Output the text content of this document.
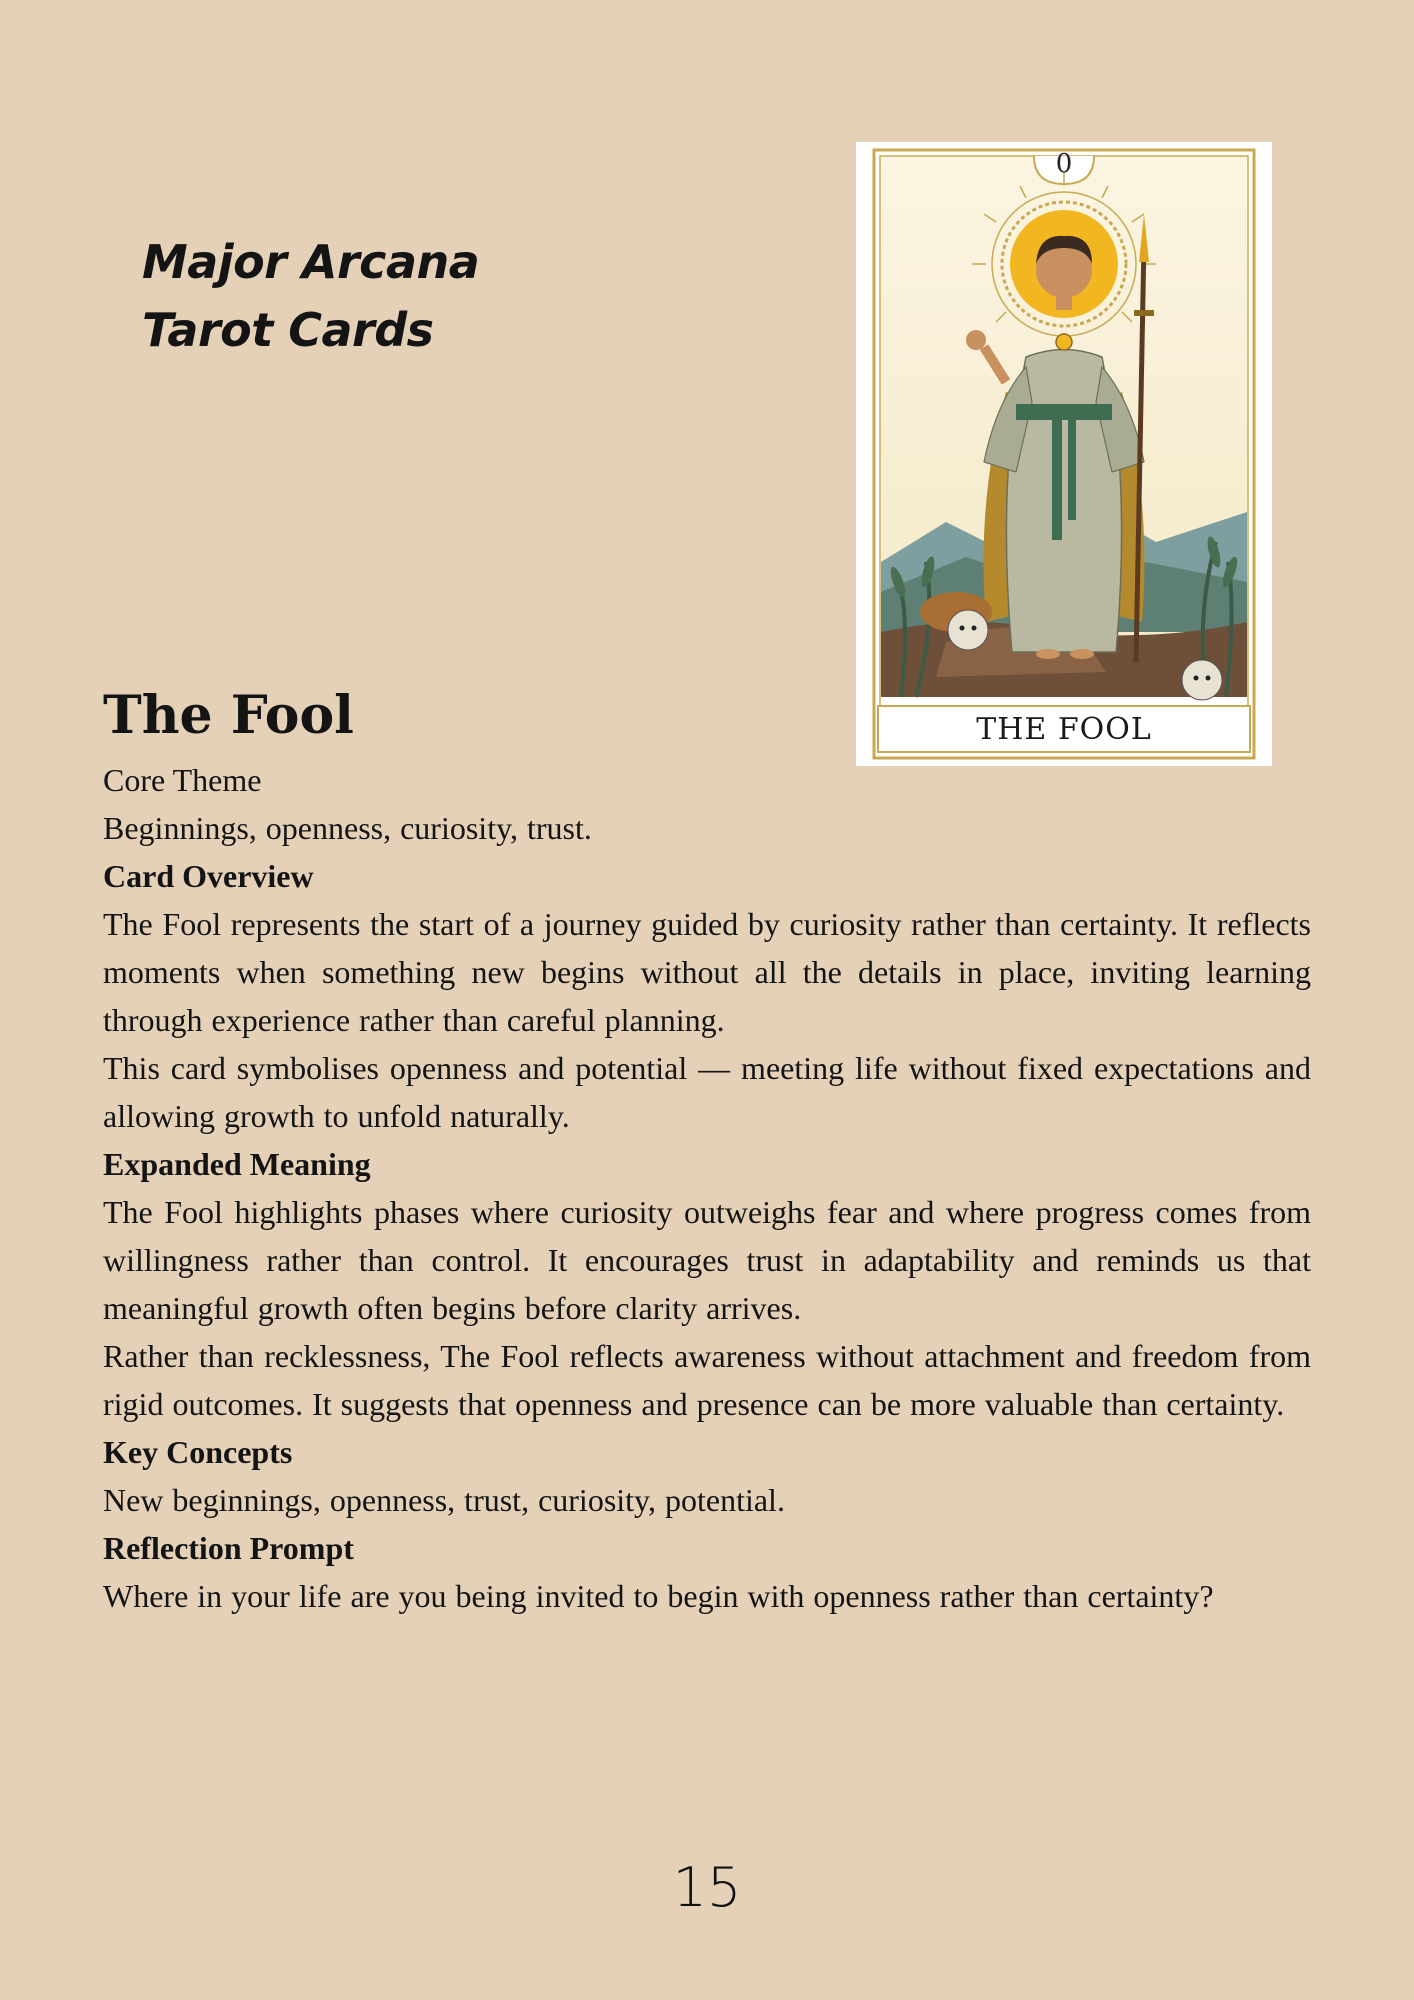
Major Arcana
Tarot Cards
0
THE FOOL
The Fool

Core Theme

Beginnings, openness, curiosity, trust.

Card Overview

The Fool represents the start of a journey guided by curiosity rather than certainty. It reflects moments when something new begins without all the details in place, inviting learning through experience rather than careful planning.

This card symbolises openness and potential — meeting life without fixed expectations and allowing growth to unfold naturally.

Expanded Meaning

The Fool highlights phases where curiosity outweighs fear and where progress comes from willingness rather than control. It encourages trust in adaptability and reminds us that meaningful growth often begins before clarity arrives.

Rather than recklessness, The Fool reflects awareness without attachment and freedom from rigid outcomes. It suggests that openness and presence can be more valuable than certainty.

Key Concepts

New beginnings, openness, trust, curiosity, potential.

Reflection Prompt

Where in your life are you being invited to begin with openness rather than certainty?

15
